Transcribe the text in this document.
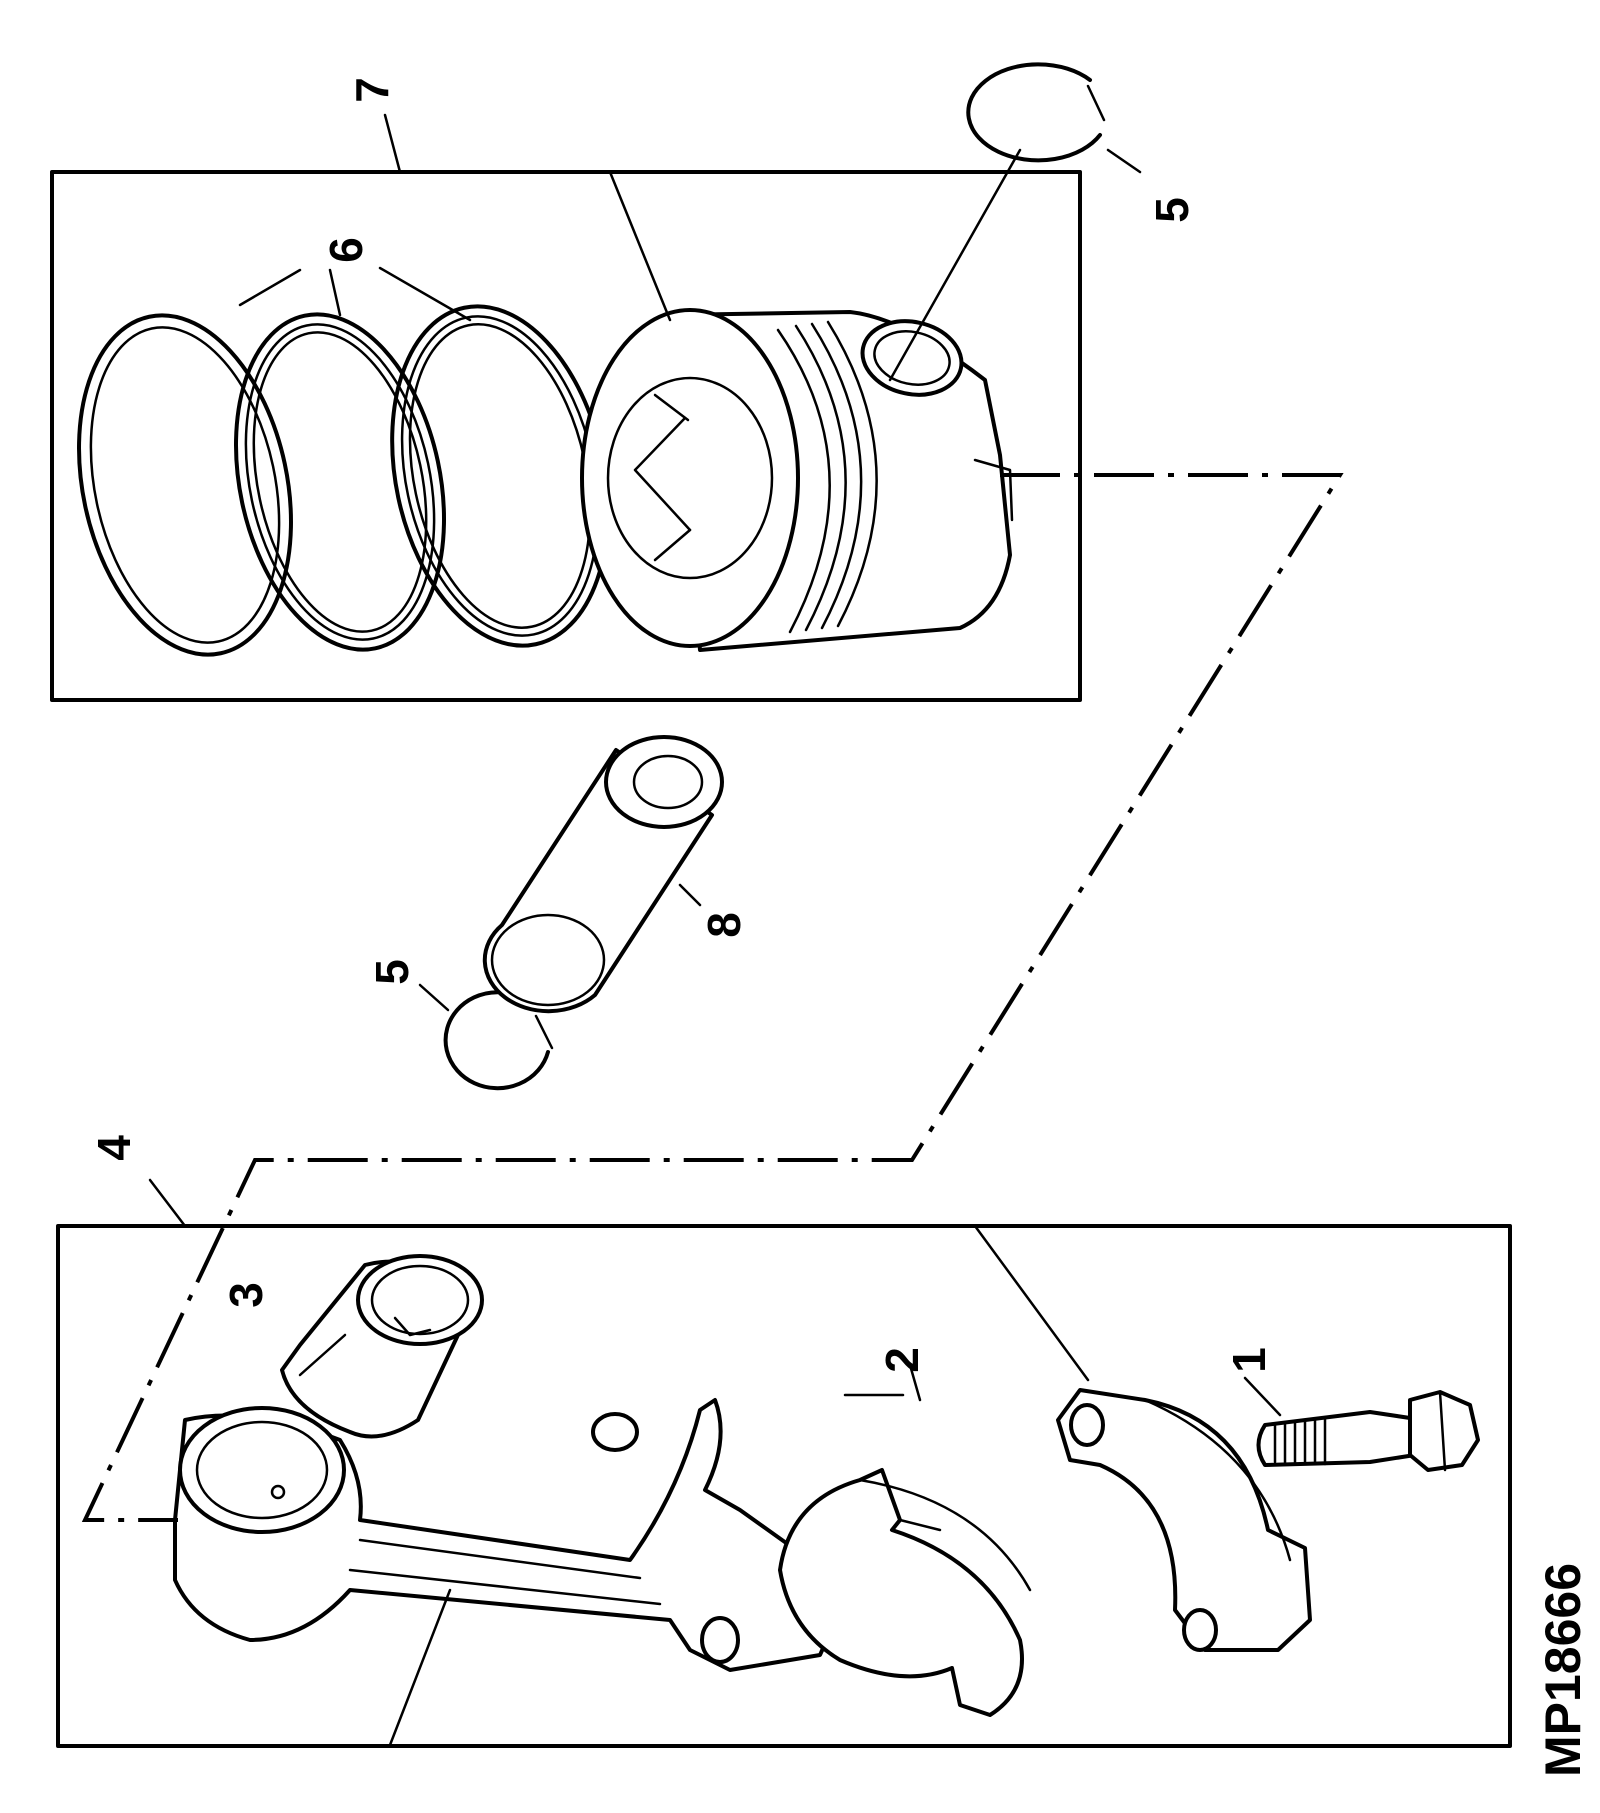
1
2
3
4
5
5
6
7
8
MP18666
